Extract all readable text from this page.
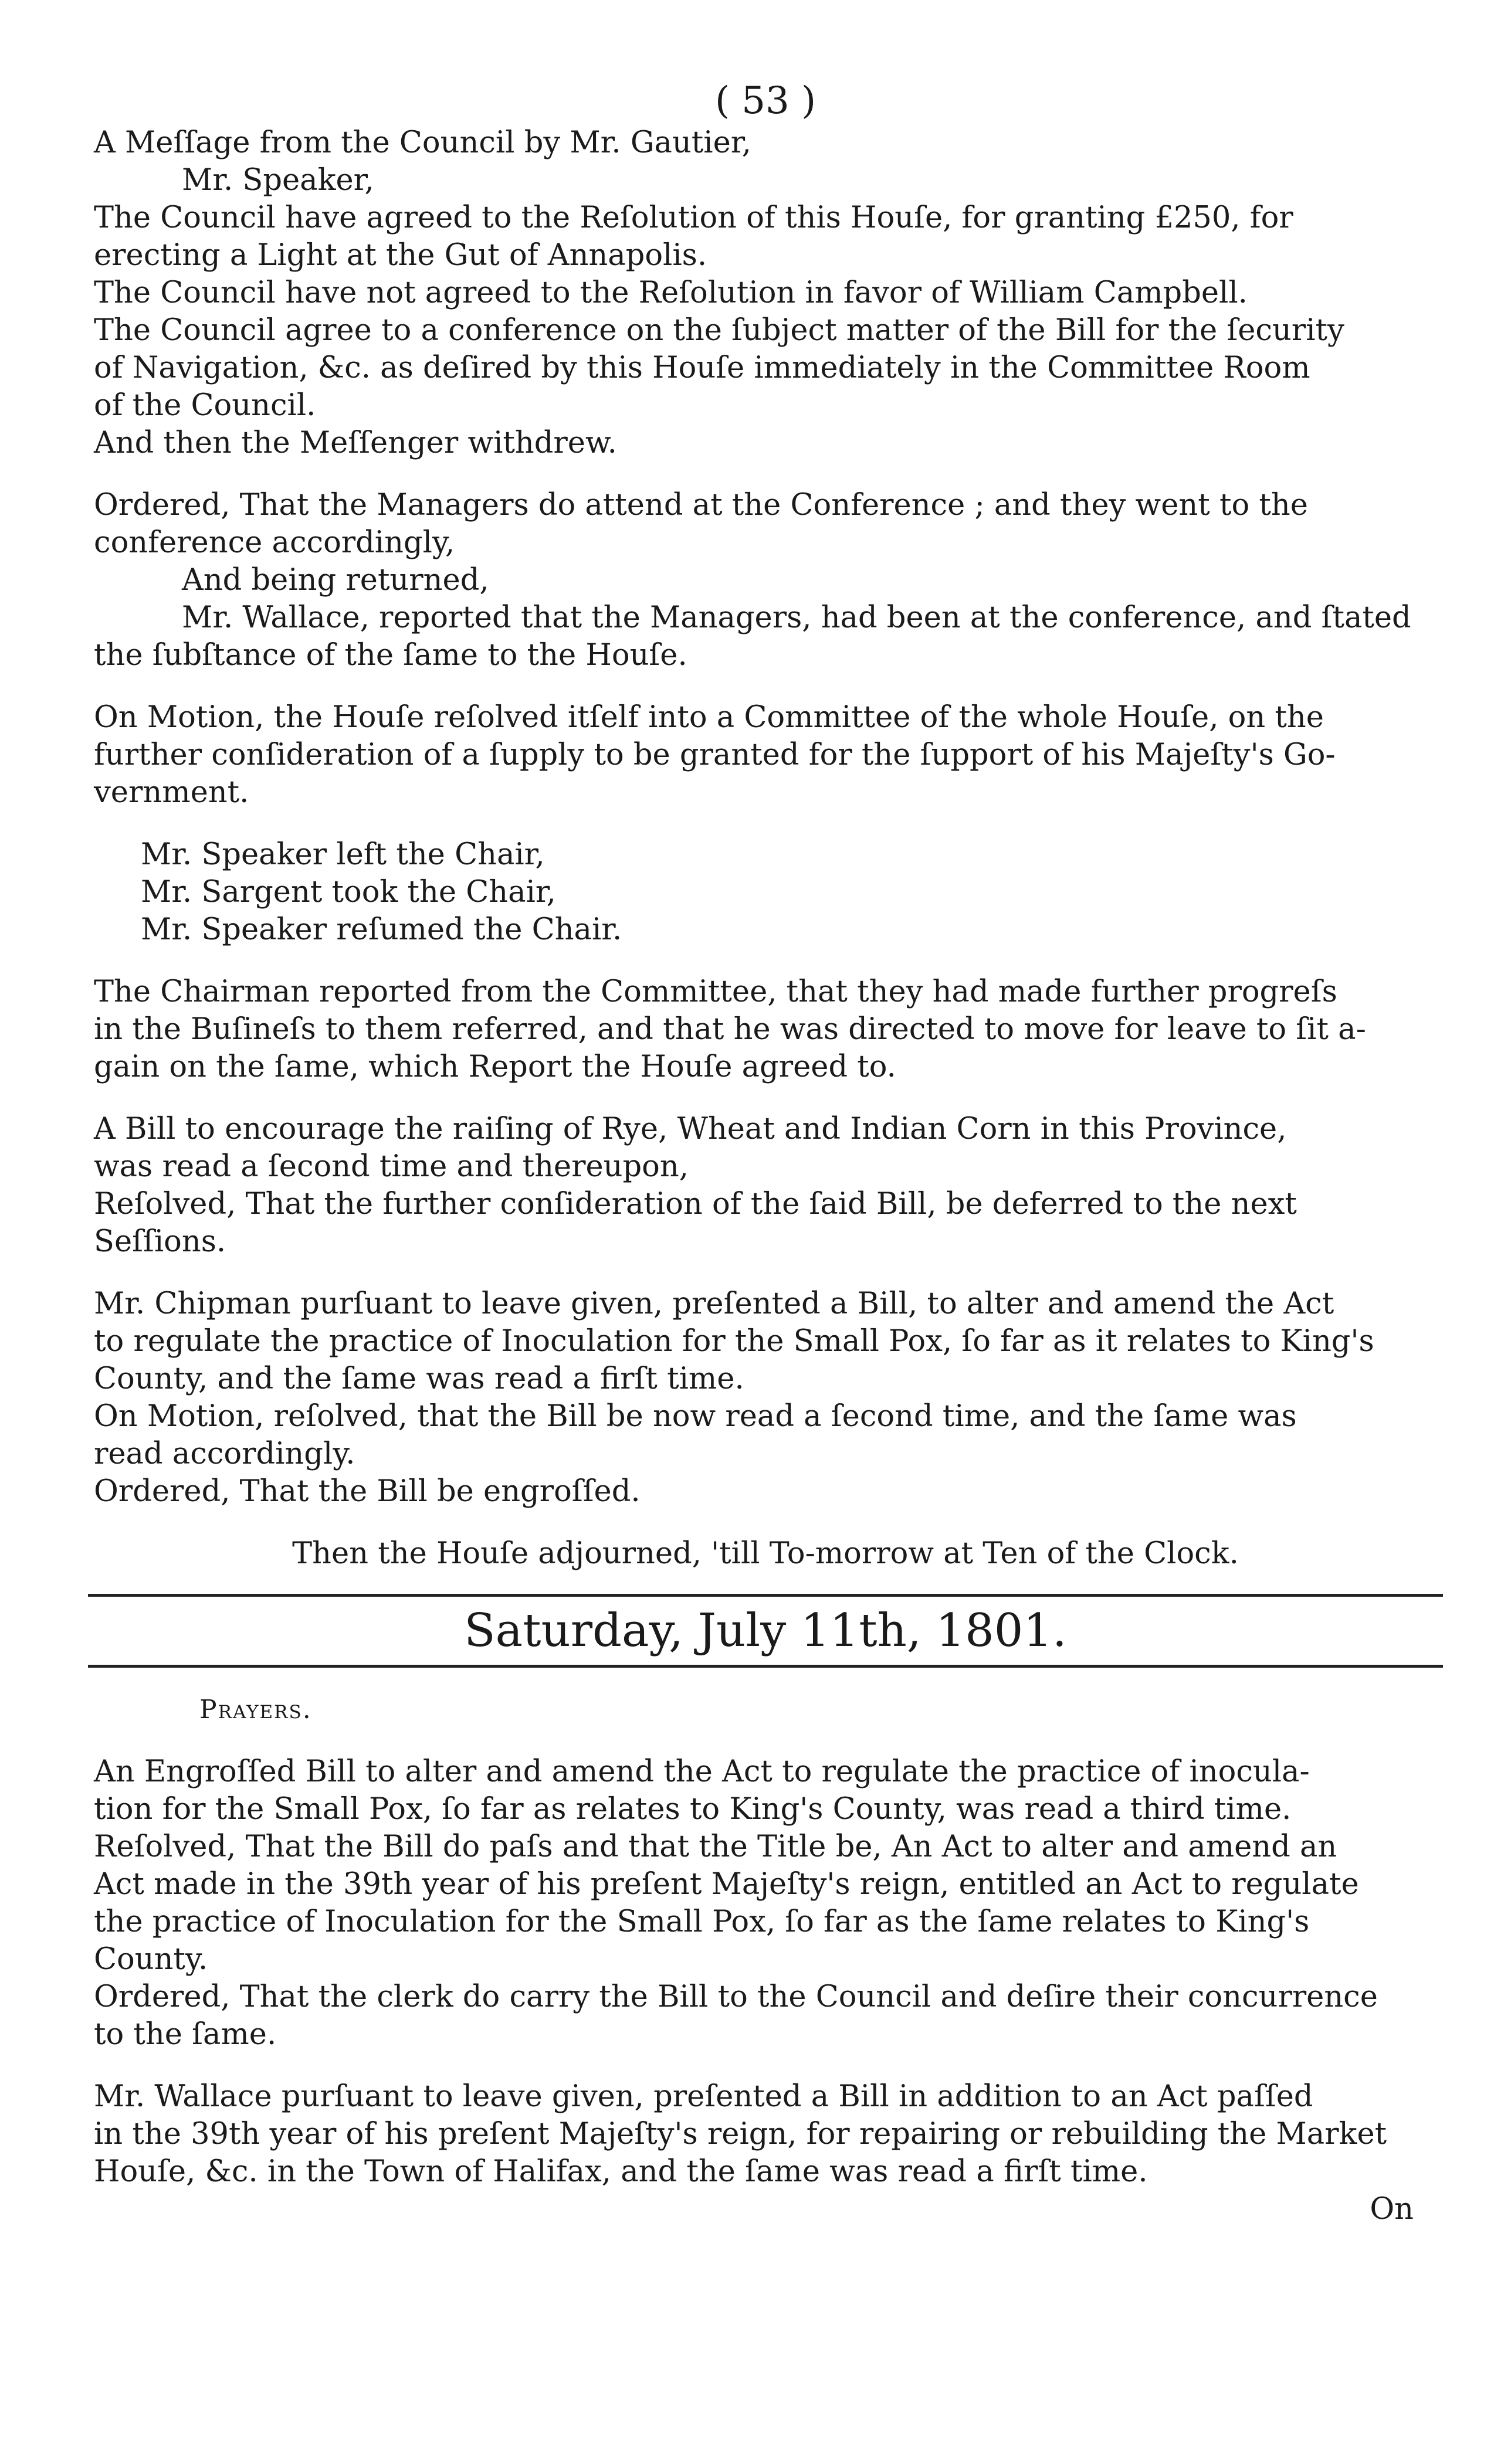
( 53 )

A Meſſage from the Council by Mr. Gautier,

Mr. Speaker,

The Council have agreed to the Reſolution of this Houſe, for granting £250, for

erecting a Light at the Gut of Annapolis.

The Council have not agreed to the Reſolution in favor of William Campbell.

The Council agree to a conference on the ſubject matter of the Bill for the ſecurity

of Navigation, &c. as deſired by this Houſe immediately in the Committee Room

of the Council.

And then the Meſſenger withdrew.

Ordered, That the Managers do attend at the Conference ; and they went to the

conference accordingly,

And being returned,

Mr. Wallace, reported that the Managers, had been at the conference, and ſtated

the ſubſtance of the ſame to the Houſe.

On Motion, the Houſe reſolved itſelf into a Committee of the whole Houſe, on the

further conſideration of a ſupply to be granted for the ſupport of his Majeſty's Go-

vernment.

Mr. Speaker left the Chair,

Mr. Sargent took the Chair,

Mr. Speaker reſumed the Chair.

The Chairman reported from the Committee, that they had made further progreſs

in the Buſineſs to them referred, and that he was directed to move for leave to ſit a-

gain on the ſame, which Report the Houſe agreed to.

A Bill to encourage the raiſing of Rye, Wheat and Indian Corn in this Province,

was read a ſecond time and thereupon,

Reſolved, That the further conſideration of the ſaid Bill, be deferred to the next

Seſſions.

Mr. Chipman purſuant to leave given, preſented a Bill, to alter and amend the Act

to regulate the practice of Inoculation for the Small Pox, ſo far as it relates to King's

County, and the ſame was read a firſt time.

On Motion, reſolved, that the Bill be now read a ſecond time, and the ſame was

read accordingly.

Ordered, That the Bill be engroſſed.

Then the Houſe adjourned, 'till To-morrow at Ten of the Clock.

Saturday, July 11th, 1801.

Prayers.

An Engroſſed Bill to alter and amend the Act to regulate the practice of inocula-

tion for the Small Pox, ſo far as relates to King's County, was read a third time.

Reſolved, That the Bill do paſs and that the Title be, An Act to alter and amend an

Act made in the 39th year of his preſent Majeſty's reign, entitled an Act to regulate

the practice of Inoculation for the Small Pox, ſo far as the ſame relates to King's

County.

Ordered, That the clerk do carry the Bill to the Council and deſire their concurrence

to the ſame.

Mr. Wallace purſuant to leave given, preſented a Bill in addition to an Act paſſed

in the 39th year of his preſent Majeſty's reign, for repairing or rebuilding the Market

Houſe, &c. in the Town of Halifax, and the ſame was read a firſt time.

On
